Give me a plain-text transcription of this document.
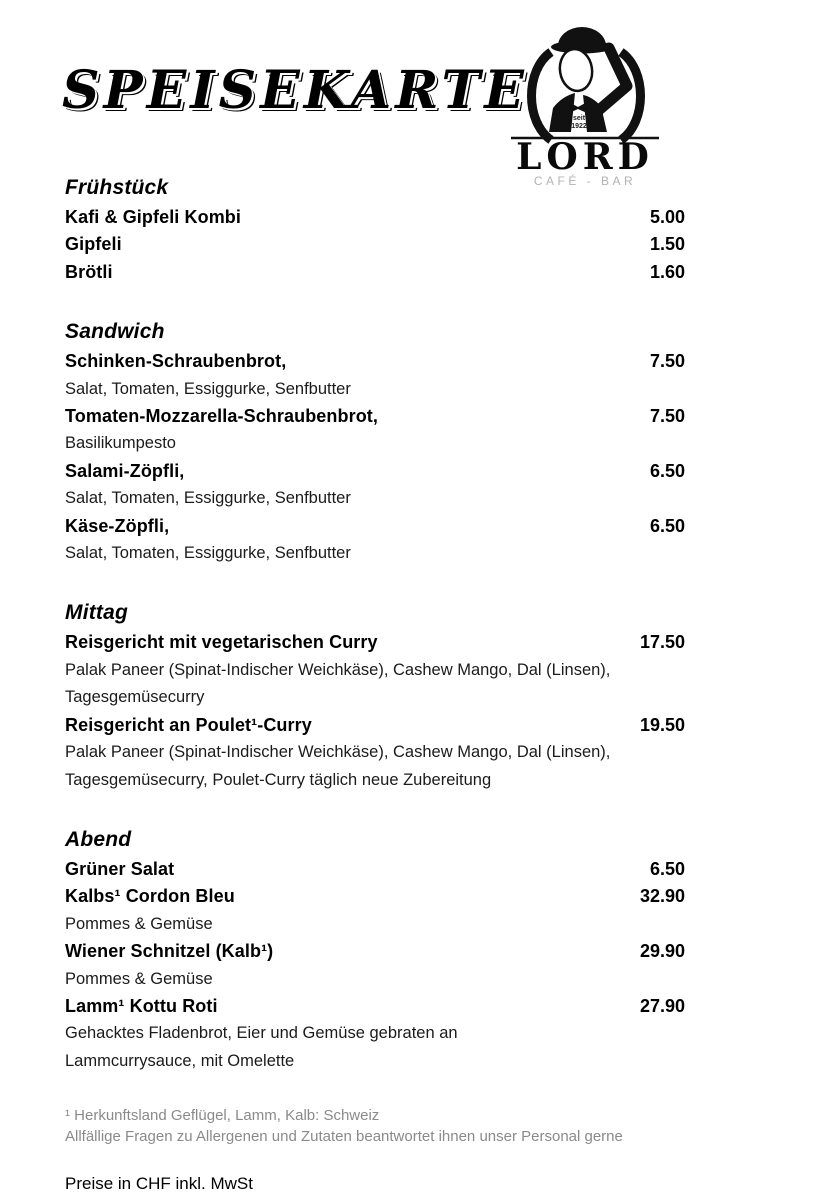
SPEISEKARTE	seit
1922
LORD
CAFÉ - BAR
Frühstück
Kafi & Gipfeli Kombi	5.00
Gipfeli	1.50
Brötli	1.60
Sandwich
Schinken-Schraubenbrot,	7.50
Salat, Tomaten, Essiggurke, Senfbutter
Tomaten-Mozzarella-Schraubenbrot,	7.50
Basilikumpesto
Salami-Zöpfli,	6.50
Salat, Tomaten, Essiggurke, Senfbutter
Käse-Zöpfli,	6.50
Salat, Tomaten, Essiggurke, Senfbutter
Mittag
Reisgericht mit vegetarischen Curry	17.50
Palak Paneer (Spinat-Indischer Weichkäse), Cashew Mango, Dal (Linsen),
Tagesgemüsecurry
Reisgericht an Poulet¹-Curry	19.50
Palak Paneer (Spinat-Indischer Weichkäse), Cashew Mango, Dal (Linsen),
Tagesgemüsecurry, Poulet-Curry täglich neue Zubereitung
Abend
Grüner Salat	6.50
Kalbs¹ Cordon Bleu	32.90
Pommes & Gemüse
Wiener Schnitzel (Kalb¹)	29.90
Pommes & Gemüse
Lamm¹ Kottu Roti	27.90
Gehacktes Fladenbrot, Eier und Gemüse gebraten an
Lammcurrysauce, mit Omelette
¹ Herkunftsland Geflügel, Lamm, Kalb: Schweiz
Allfällige Fragen zu Allergenen und Zutaten beantwortet ihnen unser Personal gerne
Preise in CHF inkl. MwSt
